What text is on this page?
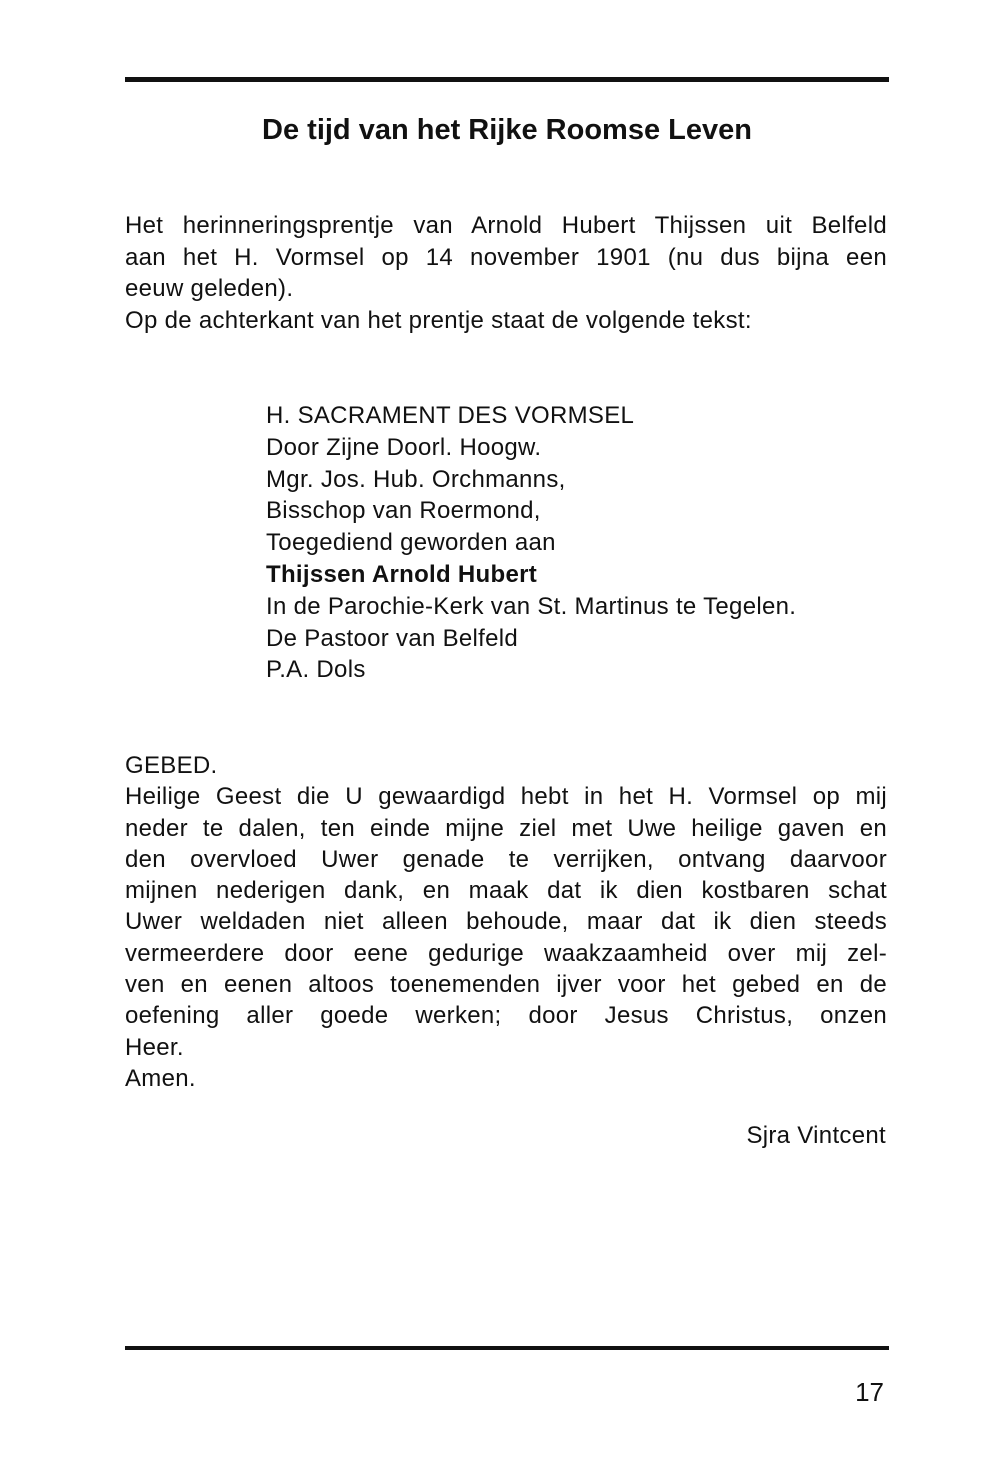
De tijd van het Rijke Roomse Leven
Het herinneringsprentje van Arnold Hubert Thijssen uit Belfeld
aan het H. Vormsel op 14 november 1901 (nu dus bijna een
eeuw geleden).
Op de achterkant van het prentje staat de volgende tekst:
H. SACRAMENT DES VORMSEL
Door Zijne Doorl. Hoogw.
Mgr. Jos. Hub. Orchmanns,
Bisschop van Roermond,
Toegediend geworden aan
Thijssen Arnold Hubert
In de Parochie-Kerk van St. Martinus te Tegelen.
De Pastoor van Belfeld
P.A. Dols
GEBED.
Heilige Geest die U gewaardigd hebt in het H. Vormsel op mij
neder te dalen, ten einde mijne ziel met Uwe heilige gaven en
den overvloed Uwer genade te verrijken, ontvang daarvoor
mijnen nederigen dank, en maak dat ik dien kostbaren schat
Uwer weldaden niet alleen behoude, maar dat ik dien steeds
vermeerdere door eene gedurige waakzaamheid over mij zel-
ven en eenen altoos toenemenden ijver voor het gebed en de
oefening aller goede werken; door Jesus Christus, onzen
Heer.
Amen.
Sjra Vintcent
17
